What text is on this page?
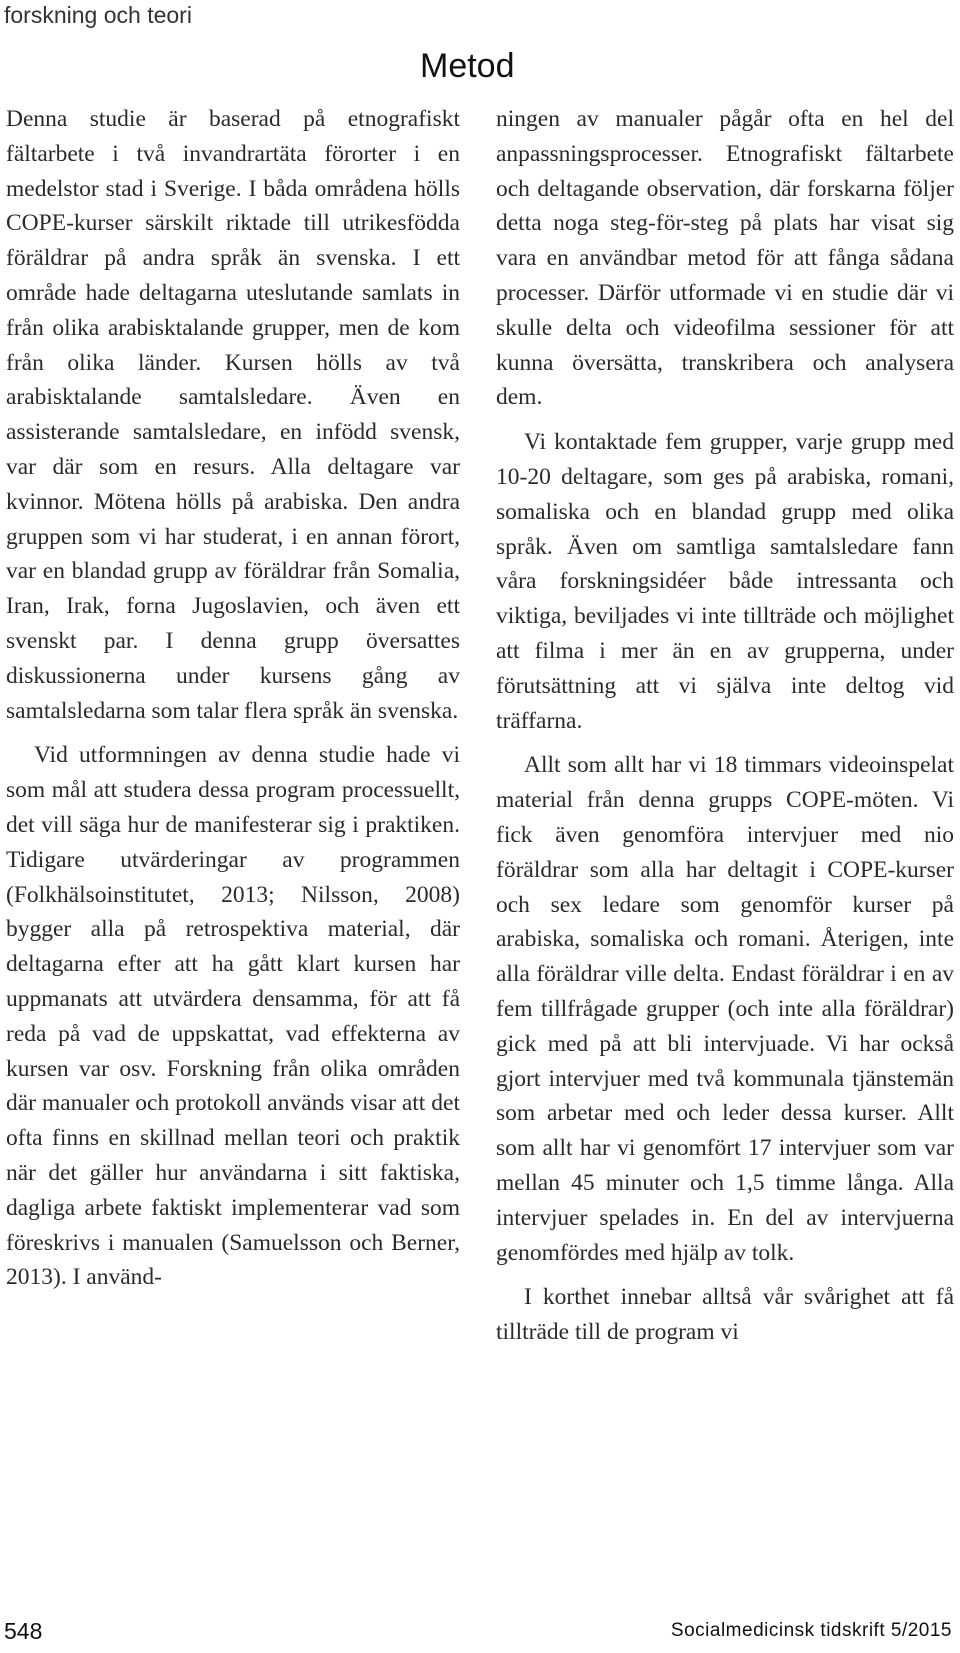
forskning och teori
Metod

Denna studie är baserad på etnografiskt fältarbete i två invandrartäta förorter i en medelstor stad i Sverige. I båda områdena hölls COPE-kurser särskilt riktade till utrikesfödda föräldrar på andra språk än svenska. I ett område hade deltagarna uteslutande samlats in från olika arabisktalande grupper, men de kom från olika länder. Kursen hölls av två arabisktalande samtalsledare. Även en assisterande samtalsledare, en infödd svensk, var där som en resurs. Alla deltagare var kvinnor. Mötena hölls på arabiska. Den andra gruppen som vi har studerat, i en annan förort, var en blandad grupp av föräldrar från Somalia, Iran, Irak, forna Jugoslavien, och även ett svenskt par. I denna grupp översattes diskussionerna under kursens gång av samtalsledarna som talar flera språk än svenska.

Vid utformningen av denna studie hade vi som mål att studera dessa program processuellt, det vill säga hur de manifesterar sig i praktiken. Tidigare utvärderingar av programmen (Folkhälsoinstitutet, 2013; Nilsson, 2008) bygger alla på retrospektiva material, där deltagarna efter att ha gått klart kursen har uppmanats att utvärdera densamma, för att få reda på vad de uppskattat, vad effekterna av kursen var osv. Forskning från olika områden där manualer och protokoll används visar att det ofta finns en skillnad mellan teori och praktik när det gäller hur användarna i sitt faktiska, dagliga arbete faktiskt implementerar vad som föreskrivs i manualen (Samuelsson och Berner, 2013). I använd-

ningen av manualer pågår ofta en hel del anpassningsprocesser. Etnografiskt fältarbete och deltagande observation, där forskarna följer detta noga steg-för-steg på plats har visat sig vara en användbar metod för att fånga sådana processer. Därför utformade vi en studie där vi skulle delta och videofilma sessioner för att kunna översätta, transkribera och analysera dem.

Vi kontaktade fem grupper, varje grupp med 10-20 deltagare, som ges på arabiska, romani, somaliska och en blandad grupp med olika språk. Även om samtliga samtalsledare fann våra forskningsidéer både intressanta och viktiga, beviljades vi inte tillträde och möjlighet att filma i mer än en av grupperna, under förutsättning att vi själva inte deltog vid träffarna.

Allt som allt har vi 18 timmars videoinspelat material från denna grupps COPE-möten. Vi fick även genomföra intervjuer med nio föräldrar som alla har deltagit i COPE-kurser och sex ledare som genomför kurser på arabiska, somaliska och romani. Återigen, inte alla föräldrar ville delta. Endast föräldrar i en av fem tillfrågade grupper (och inte alla föräldrar) gick med på att bli intervjuade. Vi har också gjort intervjuer med två kommunala tjänstemän som arbetar med och leder dessa kurser. Allt som allt har vi genomfört 17 intervjuer som var mellan 45 minuter och 1,5 timme långa. Alla intervjuer spelades in. En del av intervjuerna genomfördes med hjälp av tolk.

I korthet innebar alltså vår svårighet att få tillträde till de program vi

548	Socialmedicinsk tidskrift 5/2015
